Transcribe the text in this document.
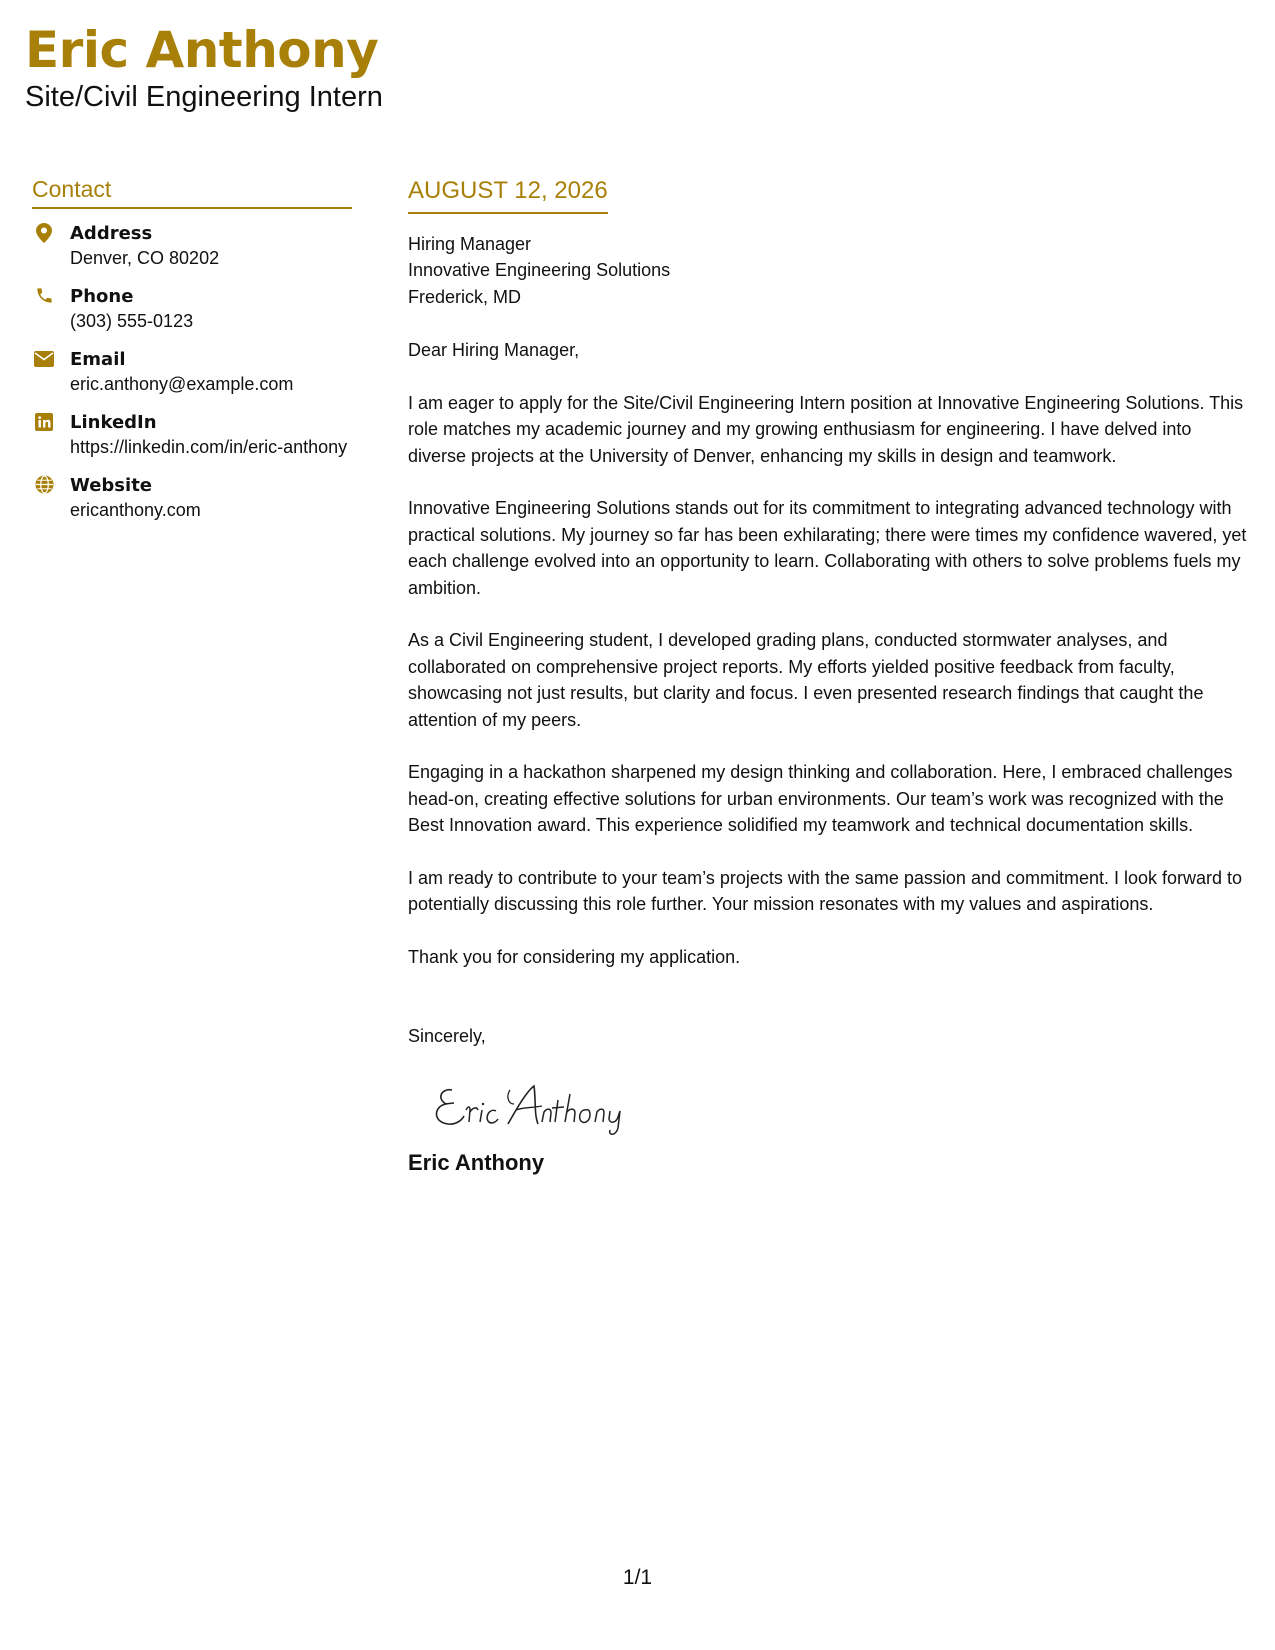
Eric Anthony
Site/Civil Engineering Intern
Contact
Address
Denver, CO 80202
Phone
(303) 555-0123
Email
eric.anthony@example.com
LinkedIn
https://linkedin.com/in/eric-anthony
Website
ericanthony.com
AUGUST 12, 2026
Hiring Manager
Innovative Engineering Solutions
Frederick, MD
Dear Hiring Manager,

I am eager to apply for the Site/Civil Engineering Intern position at Innovative Engineering Solutions. This role matches my academic journey and my growing enthusiasm for engineering. I have delved into diverse projects at the University of Denver, enhancing my skills in design and teamwork.

Innovative Engineering Solutions stands out for its commitment to integrating advanced technology with practical solutions. My journey so far has been exhilarating; there were times my confidence wavered, yet each challenge evolved into an opportunity to learn. Collaborating with others to solve problems fuels my ambition.

As a Civil Engineering student, I developed grading plans, conducted stormwater analyses, and collaborated on comprehensive project reports. My efforts yielded positive feedback from faculty, showcasing not just results, but clarity and focus. I even presented research findings that caught the attention of my peers.

Engaging in a hackathon sharpened my design thinking and collaboration. Here, I embraced challenges head-on, creating effective solutions for urban environments. Our team’s work was recognized with the Best Innovation award. This experience solidified my teamwork and technical documentation skills.

I am ready to contribute to your team’s projects with the same passion and commitment. I look forward to potentially discussing this role further. Your mission resonates with my values and aspirations.

Thank you for considering my application.

Sincerely,
Eric Anthony
1/1
